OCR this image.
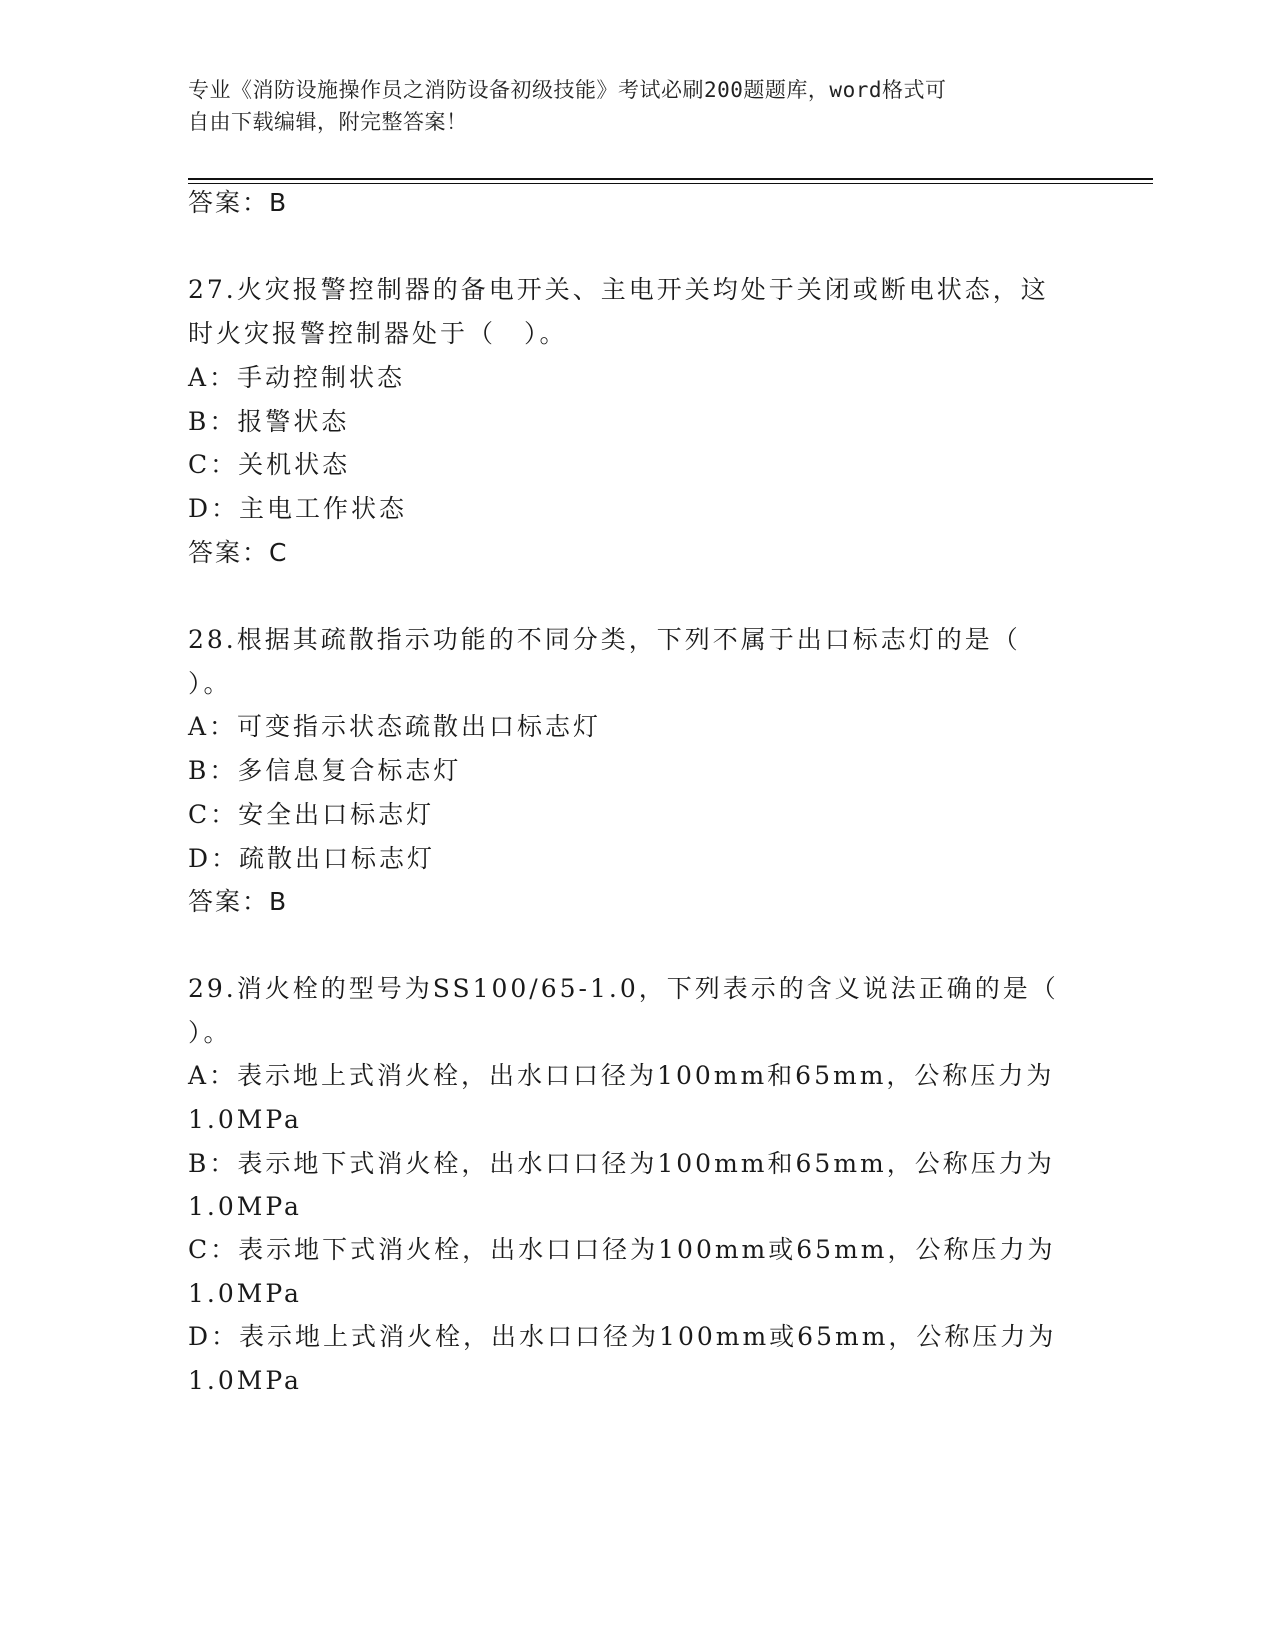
专业《消防设施操作员之消防设备初级技能》考试必刷200题题库，word格式可
自由下载编辑，附完整答案！
答案：B
27.火灾报警控制器的备电开关、主电开关均处于关闭或断电状态，这
时火灾报警控制器处于（　）。
A：手动控制状态
B：报警状态
C：关机状态
D：主电工作状态
答案：C
28.根据其疏散指示功能的不同分类，下列不属于出口标志灯的是（
）。
A：可变指示状态疏散出口标志灯
B：多信息复合标志灯
C：安全出口标志灯
D：疏散出口标志灯
答案：B
29.消火栓的型号为SS100/65-1.0，下列表示的含义说法正确的是（
）。
A：表示地上式消火栓，出水口口径为100mm和65mm，公称压力为
1.0MPa
B：表示地下式消火栓，出水口口径为100mm和65mm，公称压力为
1.0MPa
C：表示地下式消火栓，出水口口径为100mm或65mm，公称压力为
1.0MPa
D：表示地上式消火栓，出水口口径为100mm或65mm，公称压力为
1.0MPa
